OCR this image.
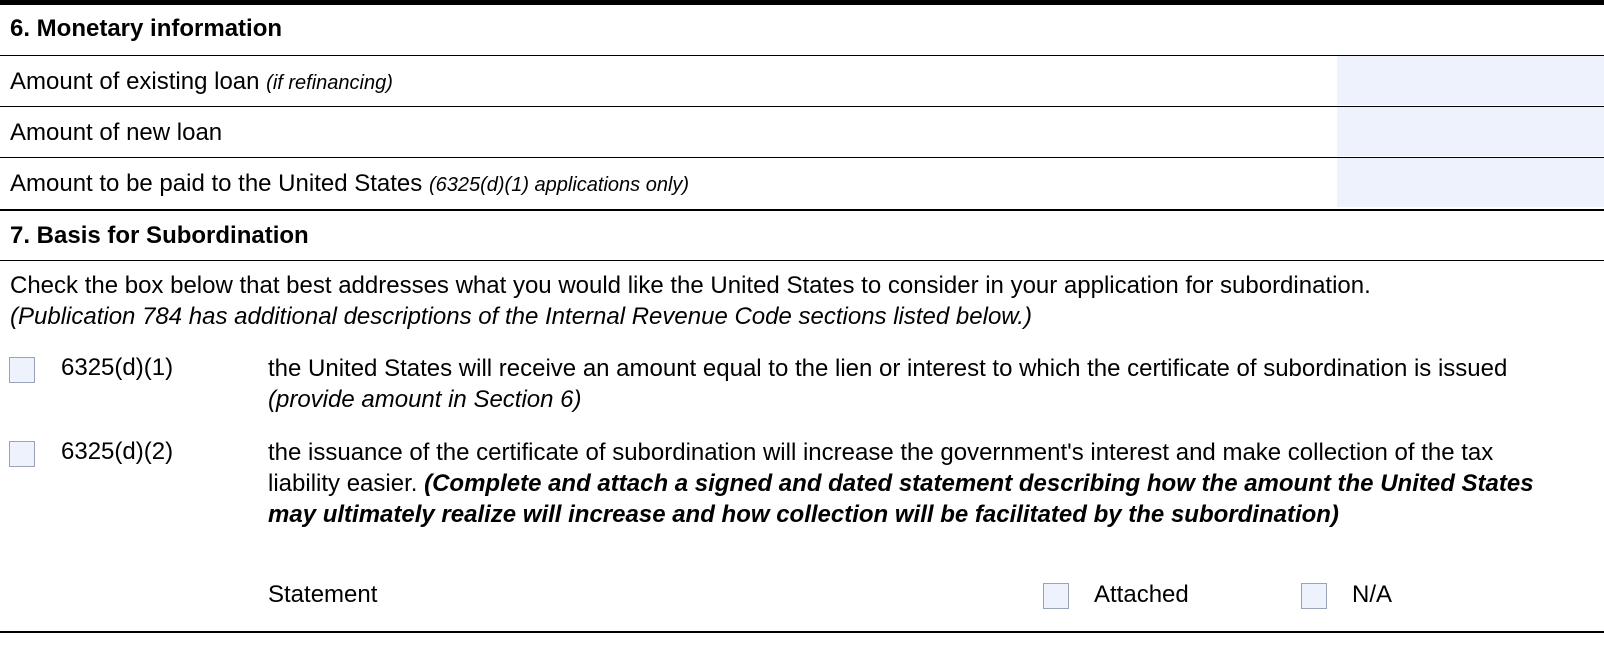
6. Monetary information
Amount of existing loan (if refinancing)
Amount of new loan
Amount to be paid to the United States (6325(d)(1) applications only)
7. Basis for Subordination
Check the box below that best addresses what you would like the United States to consider in your application for subordination.
(Publication 784 has additional descriptions of the Internal Revenue Code sections listed below.)
6325(d)(1)	the United States will receive an amount equal to the lien or interest to which the certificate of subordination is issued (provide amount in Section 6)
6325(d)(2)	the issuance of the certificate of subordination will increase the government's interest and make collection of the tax liability easier. (Complete and attach a signed and dated statement describing how the amount the United States may ultimately realize will increase and how collection will be facilitated by the subordination)
Statement	Attached	N/A
